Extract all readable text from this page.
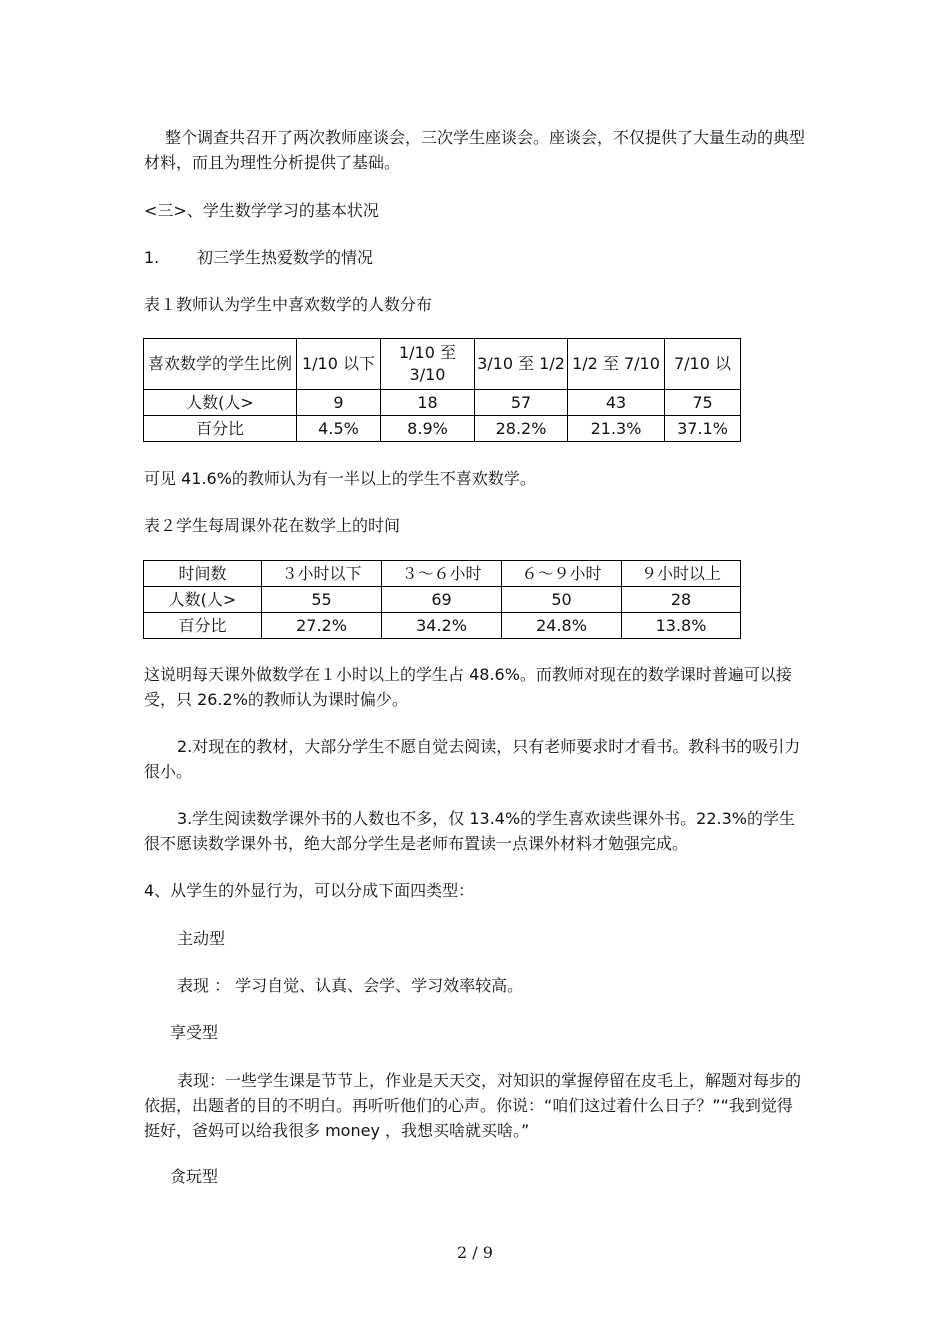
整个调查共召开了两次教师座谈会，三次学生座谈会。座谈会，不仅提供了大量生动的典型材料，而且为理性分析提供了基础。

<三>、学生数学学习的基本状况

1. 初三学生热爱数学的情况

表１教师认为学生中喜欢数学的人数分布

喜欢数学的学生比例	1/10 以下	1/10 至 3/10	3/10 至 1/2	1/2 至 7/10	7/10 以
人数(人>	9	18	57	43	75
百分比	4.5%	8.9%	28.2%	21.3%	37.1%

可见 41.6%的教师认为有一半以上的学生不喜欢数学。

表２学生每周课外花在数学上的时间

时间数	３小时以下	３～６小时	６～９小时	９小时以上
人数(人>	55	69	50	28
百分比	27.2%	34.2%	24.8%	13.8%

这说明每天课外做数学在１小时以上的学生占 48.6%。而教师对现在的数学课时普遍可以接受，只 26.2%的教师认为课时偏少。

2.对现在的教材，大部分学生不愿自觉去阅读，只有老师要求时才看书。教科书的吸引力很小。

3.学生阅读数学课外书的人数也不多，仅 13.4%的学生喜欢读些课外书。22.3%的学生很不愿读数学课外书，绝大部分学生是老师布置读一点课外材料才勉强完成。

4、从学生的外显行为，可以分成下面四类型：

主动型

表现 ： 学习自觉、认真、会学、学习效率较高。

享受型

表现：一些学生课是节节上，作业是天天交，对知识的掌握停留在皮毛上，解题对每步的依据，出题者的目的不明白。再听听他们的心声。你说：“咱们这过着什么日子？”“我到觉得挺好，爸妈可以给我很多 money ，我想买啥就买啥。”

贪玩型

2 / 9
